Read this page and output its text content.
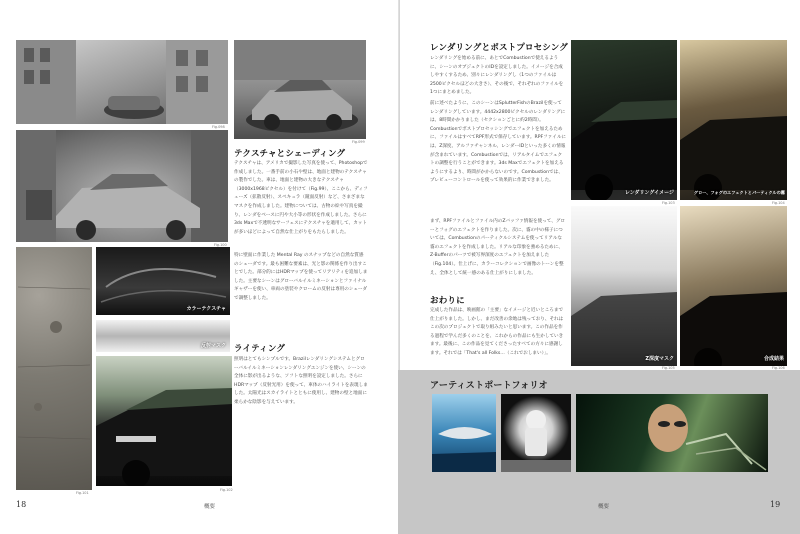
Fig.098
Fig.099
Fig.100
テクスチャとシェーディング
テクスチャは、アメリカで撮影した写真を使って、Photoshopで作成しました。一番手前の小石や壁は、地面と建物のテクスチャの製作でした。車は、地面と建物の大きなテクスチャ（3000x1968ピクセル）を付けて（Fig.99）、ここから、ディフューズ（拡散反射）、スペキュラ（鏡面反射）など、さまざまなマスクを作成しました。建物については、古物の絵や写真を撮り、レンダをベースに円や大小等の形状を作成しました。さらに3ds Maxで不透明なサーフェスにテクスチャを適用して、カットが多いほどによって自然な仕上がりをもたらしました。
Fig.101
カラーテクスチャ
反射マスク
特に壁面に作業した Mental Ray のスナップなどの自然な質感のシェーダです。最も困難な要素は、光と影の関係を作り出すことでした。部分的にはHDRマップを使ってリアリティを追加しました。主要なシーンはグローバルイルミネーションとファイナルギャザーを使い、車両の塗装やクロームの反射は専用のシェーダで調整しました。
ライティング
照明はとてもシンプルです。Brazilレンダリングシステムとグローバルイルミネーションレンダリングエンジンを使い、シーンの全体に影が出るような、ソフトな照明を設定しました。さらにHDRマップ（反射光用）を使って、車体のハイライトを表現しました。太陽光はスカイライトとともに使用し、建物の壁と地面に柔らかな陰影を与えています。
Fig.102
18	概要
レンダリングとポストプロセシング
レンダリングを始める前に、あとでCombustionで使えるように、シーンのオブジェクトのIDを設定しました。イメージを合成しやすくするため、別々にレンダリングし（1つのファイルは2500ピクセルほどの大きさ）、その後で、それぞれのファイルを1つにまとめました。
前に述べたように、このシーンはSplutterFishのBrazilを使ってレンダリングしています。4442x2800ピクセルのレンダリングには、8時間かかりました（セクションごとに約2時間）。Combustionでポストプロセッシングでエフェクトを加えるために、ファイルはすべてRPF形式で保存しています。RPFファイルには、Z深度、アルファチャンネル、レンダーIDといった多くの情報が含まれています。Combustionでは、リアルタイムでエフェクトの調整を行うことができます。3ds Maxでエフェクトを加えるようにするより、時間がかからないのです。Combustionでは、プレビューコントロールを使って効果的に作業できました。
まず、RPFファイルとファイル内のZバッファ情報を使って、グローとフォグのエフェクトを作りました。次に、霧の中の様子については、Combustionのパーティクルシステムを使ってリアルな霧のエフェクトを作成しました。リアルな印象を強めるために、Z-Bufferのパーツで被写界深度のエフェクトを加えました（Fig.104）。仕上げに、カラーコレクションで画像のトーンを整え、全体として統一感のある仕上がりにしました。
おわりに
完成した作品は、映画館の「主要」なイメージと近いところまで仕上がりました。しかし、まだ改善の余地は残っており、それはこの次のプロジェクトで取り組みたいと思います。この作品を作る過程で学んだ多くのことを、これからの作品にも生かしていきます。最後に、この作品を見てくださったすべての方々に感謝します。それでは「That's all Folks…（これでおしまい）」。
レンダリングイメージ
Fig.103
グロー、フォグのエフェクトとパーティクルの霧
Fig.104
Z深度マスク
Fig.105
合成結果
Fig.106
アーティストポートフォリオ
概要	19
